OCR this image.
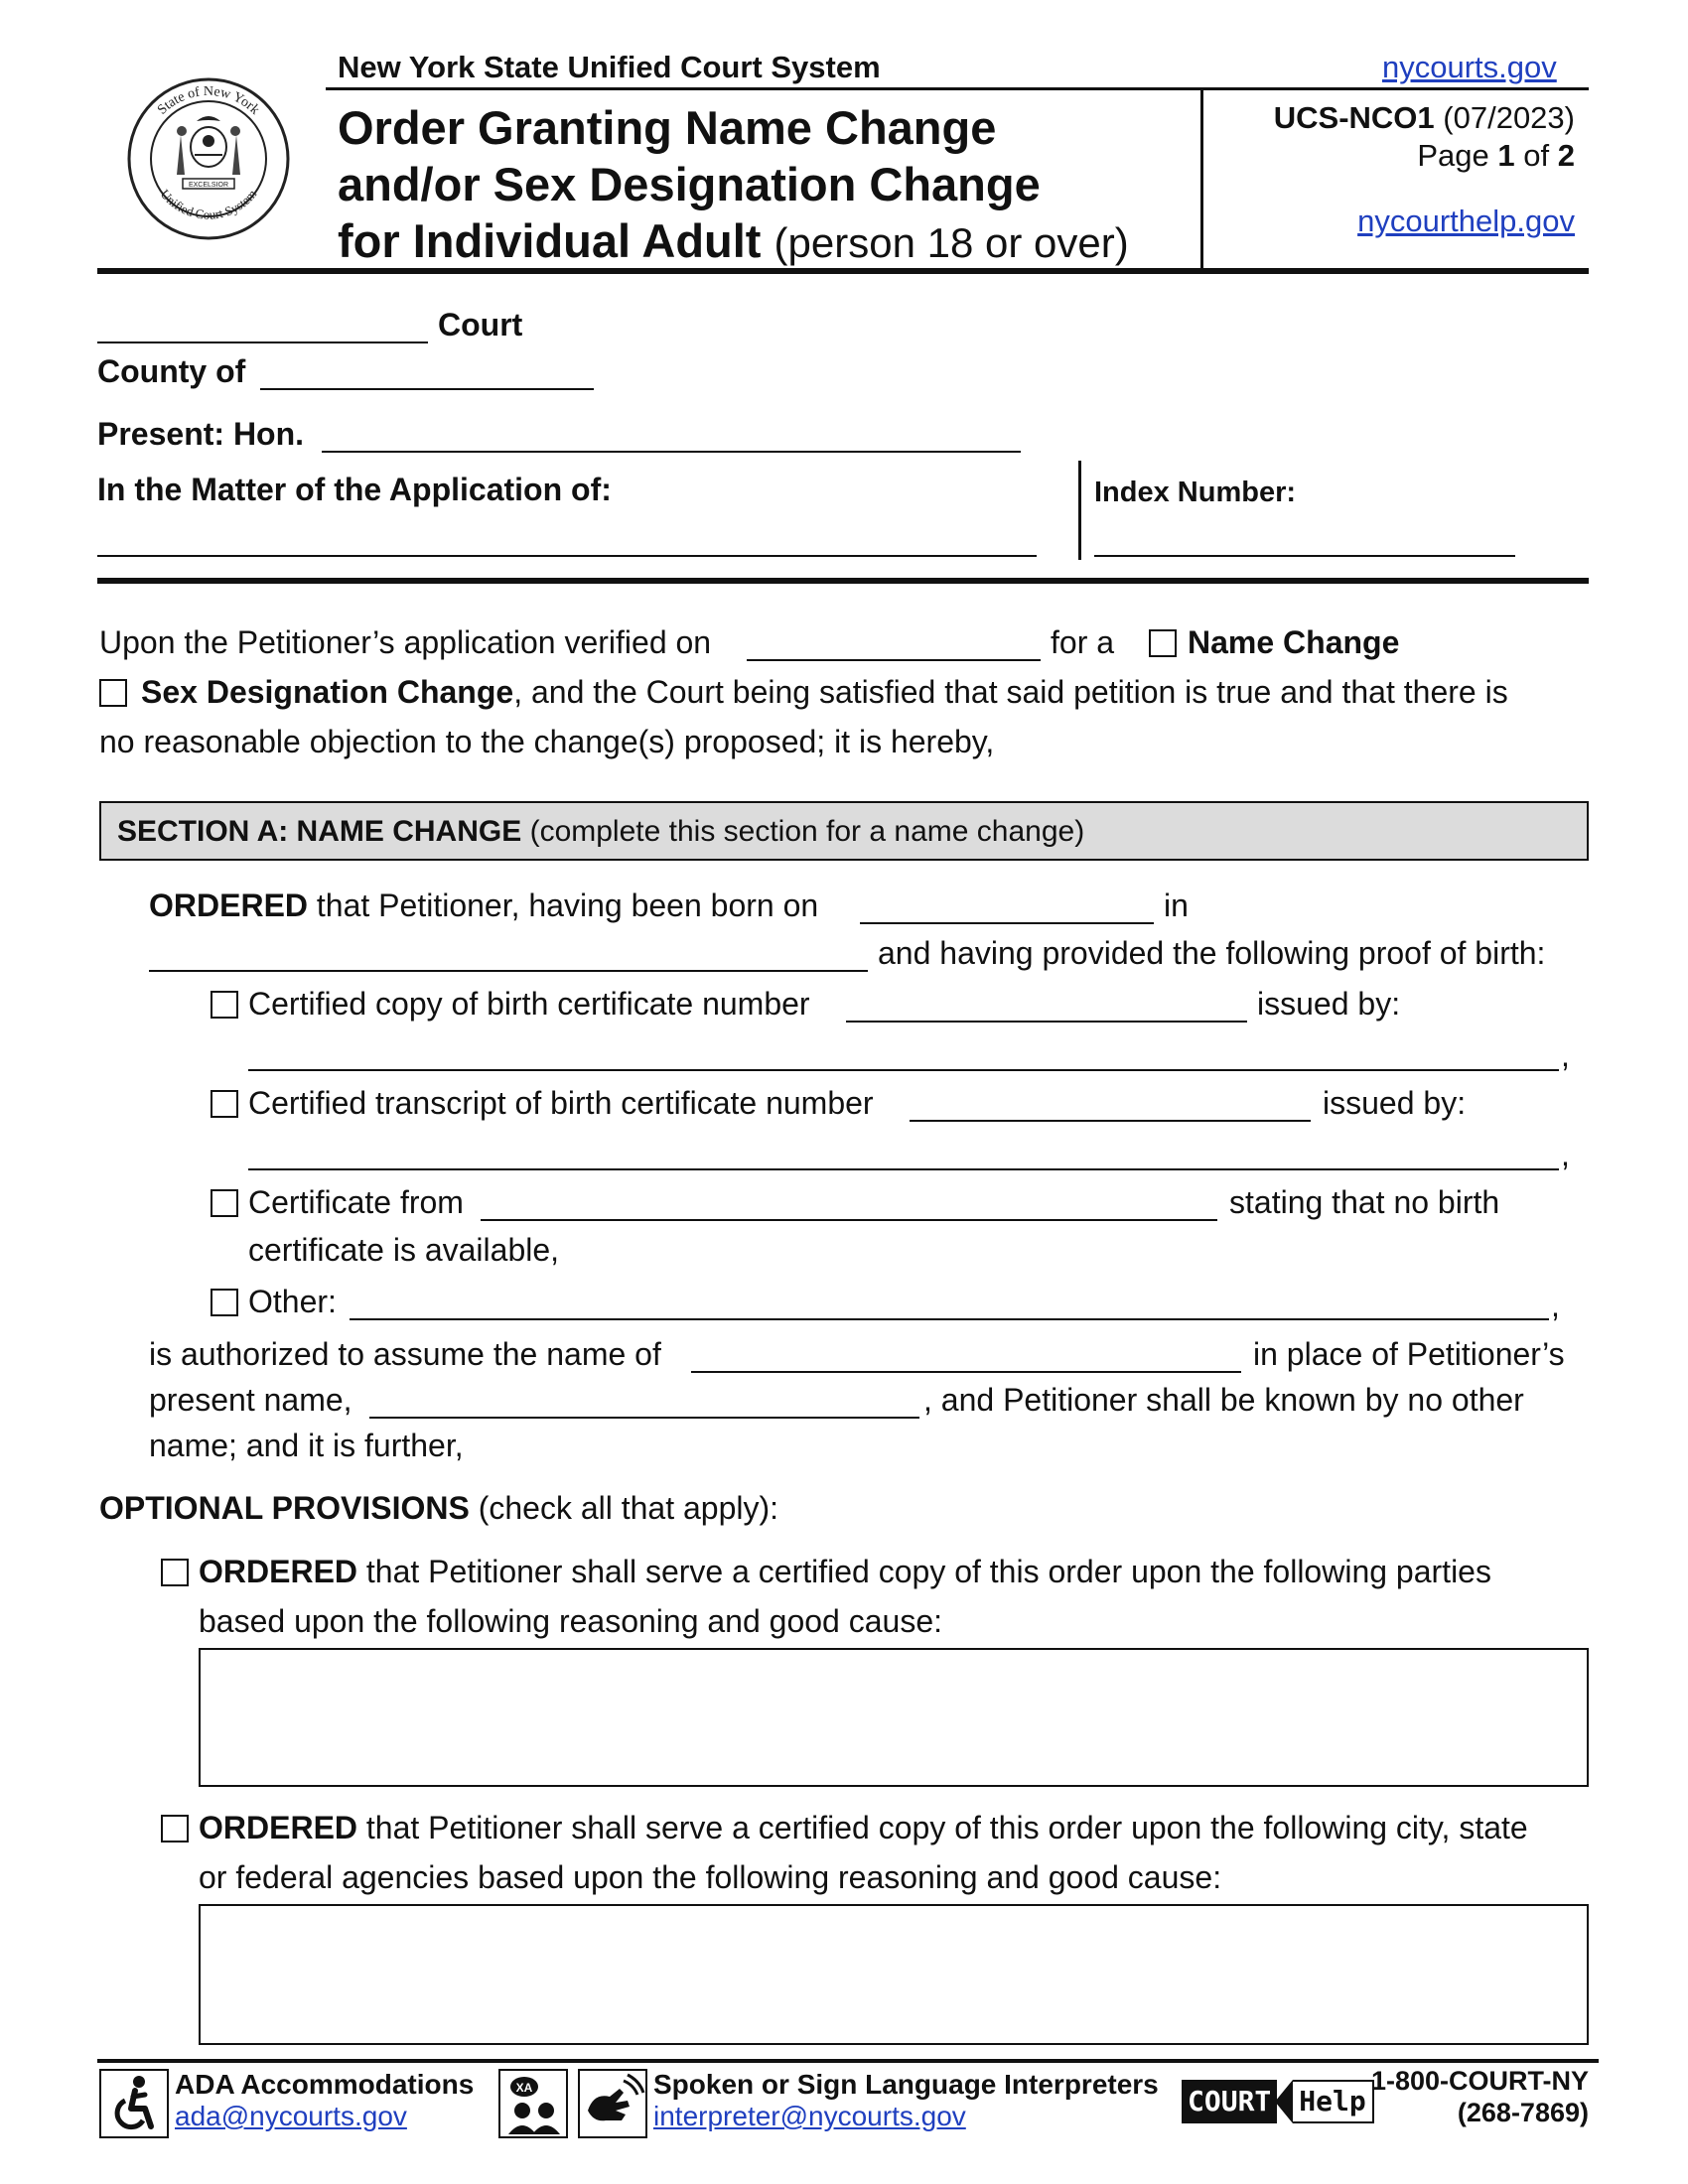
State of New York
Unified Court System
EXCELSIOR
New York State Unified Court System	nycourts.gov
Order Granting Name Change
and/or Sex Designation Change
for Individual Adult (person 18 or over)
UCS-NCO1 (07/2023)
Page 1 of 2
nycourthelp.gov
Court
County of
Present: Hon.
In the Matter of the Application of:	Index Number:
Upon the Petitioner’s application verified on	for a Name Change
Sex Designation Change, and the Court being satisfied that said petition is true and that there is
no reasonable objection to the change(s) proposed; it is hereby,
SECTION A: NAME CHANGE (complete this section for a name change)
ORDERED that Petitioner, having been born on	in
and having provided the following proof of birth:
Certified copy of birth certificate number	issued by:
,
Certified transcript of birth certificate number	issued by:
,
Certificate from	stating that no birth
certificate is available,
Other:	,
is authorized to assume the name of	in place of Petitioner’s
present name,	, and Petitioner shall be known by no other
name; and it is further,
OPTIONAL PROVISIONS (check all that apply):
ORDERED that Petitioner shall serve a certified copy of this order upon the following parties
based upon the following reasoning and good cause:
ORDERED that Petitioner shall serve a certified copy of this order upon the following city, state
or federal agencies based upon the following reasoning and good cause:
ADA Accommodations
ada@nycourts.gov
XA	Spoken or Sign Language Interpreters
interpreter@nycourts.gov	COURT Help
1-800-COURT-NY
(268-7869)
